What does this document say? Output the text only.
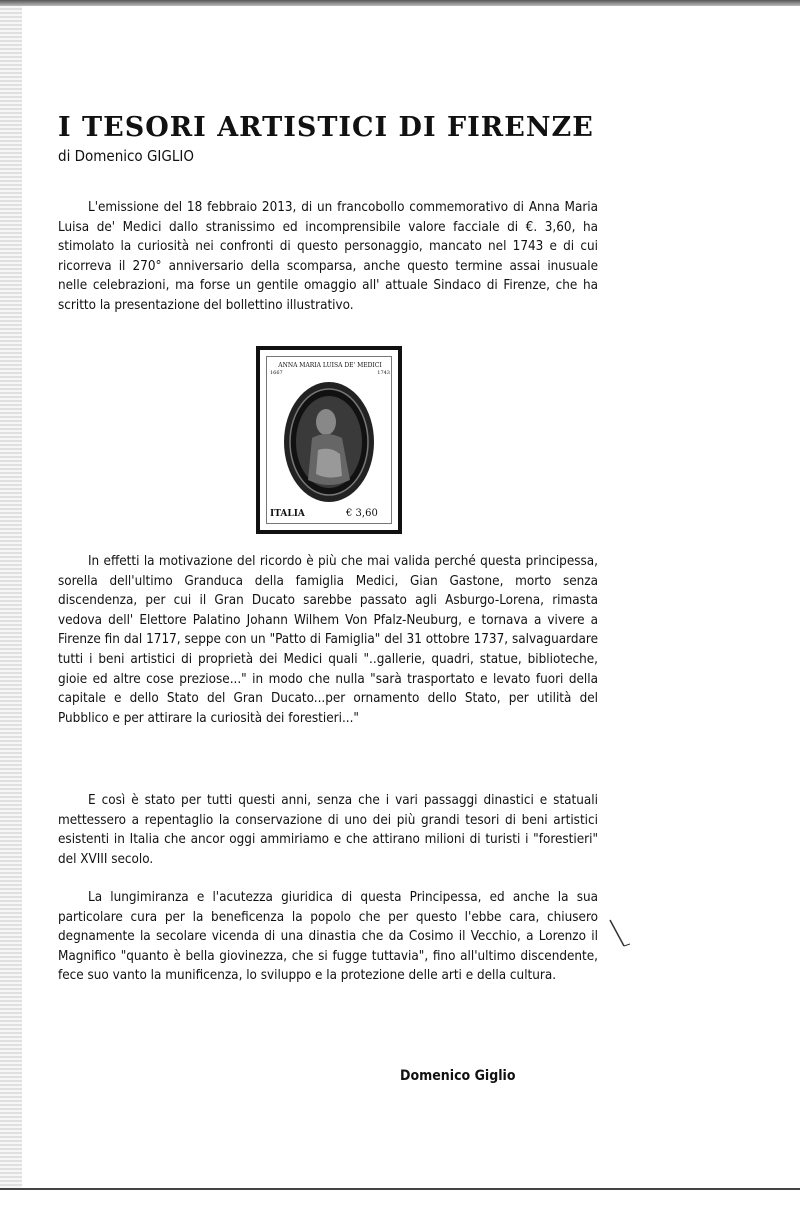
I TESORI ARTISTICI DI FIRENZE
di Domenico GIGLIO

L'emissione del 18 febbraio 2013, di un francobollo commemorativo di Anna Maria Luisa de' Medici dallo stranissimo ed incomprensibile valore facciale di €. 3,60, ha stimolato la curiosità nei confronti di questo personaggio, mancato nel 1743 e di cui ricorreva il 270° anniversario della scomparsa, anche questo termine assai inusuale nelle celebrazioni, ma forse un gentile omaggio all' attuale Sindaco di Firenze, che ha scritto la presentazione del bollettino illustrativo.

ANNA MARIA LUISA DE' MEDICI
1667	1743
ITALIA	€ 3,60

In effetti la motivazione del ricordo è più che mai valida perché questa principessa, sorella dell'ultimo Granduca della famiglia Medici, Gian Gastone, morto senza discendenza, per cui il Gran Ducato sarebbe passato agli Asburgo-Lorena, rimasta vedova dell' Elettore Palatino Johann Wilhem Von Pfalz-Neuburg, e tornava a vivere a Firenze fin dal 1717, seppe con un "Patto di Famiglia" del 31 ottobre 1737, salvaguardare tutti i beni artistici di proprietà dei Medici quali "..gallerie, quadri, statue, biblioteche, gioie ed altre cose preziose..." in modo che nulla "sarà trasportato e levato fuori della capitale e dello Stato del Gran Ducato...per ornamento dello Stato, per utilità del Pubblico e per attirare la curiosità dei forestieri..."

E così è stato per tutti questi anni, senza che i vari passaggi dinastici e statuali mettessero a repentaglio la conservazione di uno dei più grandi tesori di beni artistici esistenti in Italia che ancor oggi ammiriamo e che attirano milioni di turisti i "forestieri" del XVIII secolo.

La lungimiranza e l'acutezza giuridica di questa Principessa, ed anche la sua particolare cura per la beneficenza la popolo che per questo l'ebbe cara, chiusero degnamente la secolare vicenda di una dinastia che da Cosimo il Vecchio, a Lorenzo il Magnifico "quanto è bella giovinezza, che si fugge tuttavia", fino all'ultimo discendente, fece suo vanto la munificenza, lo sviluppo e la protezione delle arti e della cultura.

Domenico Giglio
